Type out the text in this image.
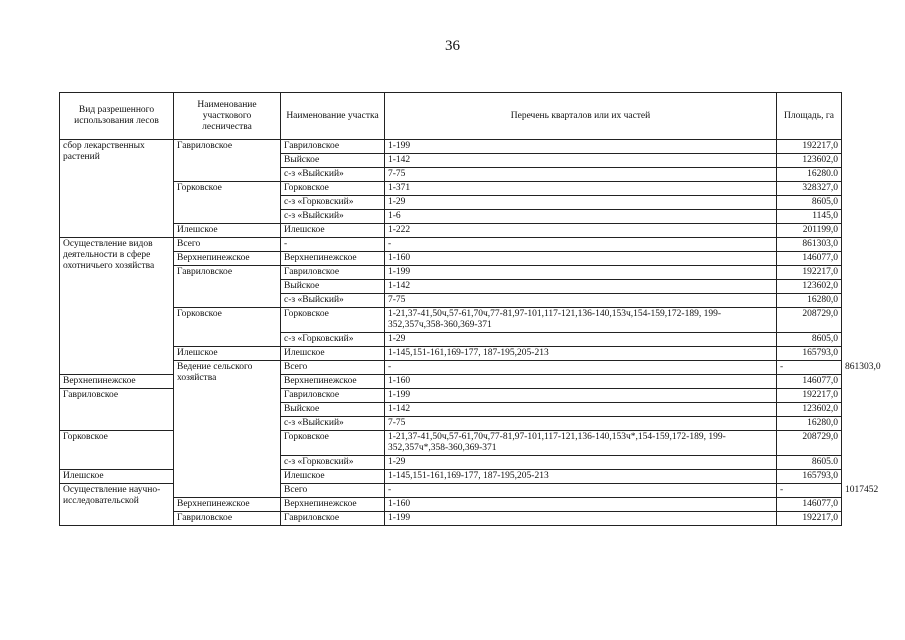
36
Вид разрешенного использования лесов	Наименование участкового лесничества	Наименование участка	Перечень кварталов или их частей	Площадь, га	
сбор лекарственных растений	Гавриловское	Гавриловское	1-199	192217,0	
		Выйское	1-142	123602,0	
		с-з «Выйский»	7-75	16280.0	
	Горковское	Горковское	1-371	328327,0	
		с-з «Горковский»	1-29	8605,0	
		с-з «Выйский»	1-6	1145,0	
	Илешское	Илешское	1-222	201199,0	
Осуществление видов деятельности в сфере охотничьего хозяйства	Всего	-	-	861303,0	
	Верхнепинежское	Верхнепинежское	1-160	146077,0	
	Гавриловское	Гавриловское	1-199	192217,0	
		Выйское	1-142	123602,0	
		с-з «Выйский»	7-75	16280,0	
	Горковское	Горковское	1-21,37-41,50ч,57-61,70ч,77-81,97-101,117-121,136-140,153ч,154-159,172-189, 199-352,357ч,358-360,369-371	208729,0	
		с-з «Горковский»	1-29	8605,0	
	Илешское	Илешское	1-145,151-161,169-177, 187-195,205-213	165793,0	
	Ведение сельского хозяйства	Всего	-	-	861303,0
Верхнепинежское		Верхнепинежское	1-160	146077,0	
Гавриловское		Гавриловское	1-199	192217,0	
		Выйское	1-142	123602,0	
		с-з «Выйский»	7-75	16280,0	
Горковское		Горковское	1-21,37-41,50ч,57-61,70ч,77-81,97-101,117-121,136-140,153ч*,154-159,172-189, 199-352,357ч*,358-360,369-371	208729,0	
		с-з «Горковский»	1-29	8605.0	
Илешское		Илешское	1-145,151-161,169-177, 187-195,205-213	165793,0	
Осуществление научно-исследовательской		Всего	-	-	1017452
	Верхнепинежское	Верхнепинежское	1-160	146077,0	
	Гавриловское	Гавриловское	1-199	192217,0	
